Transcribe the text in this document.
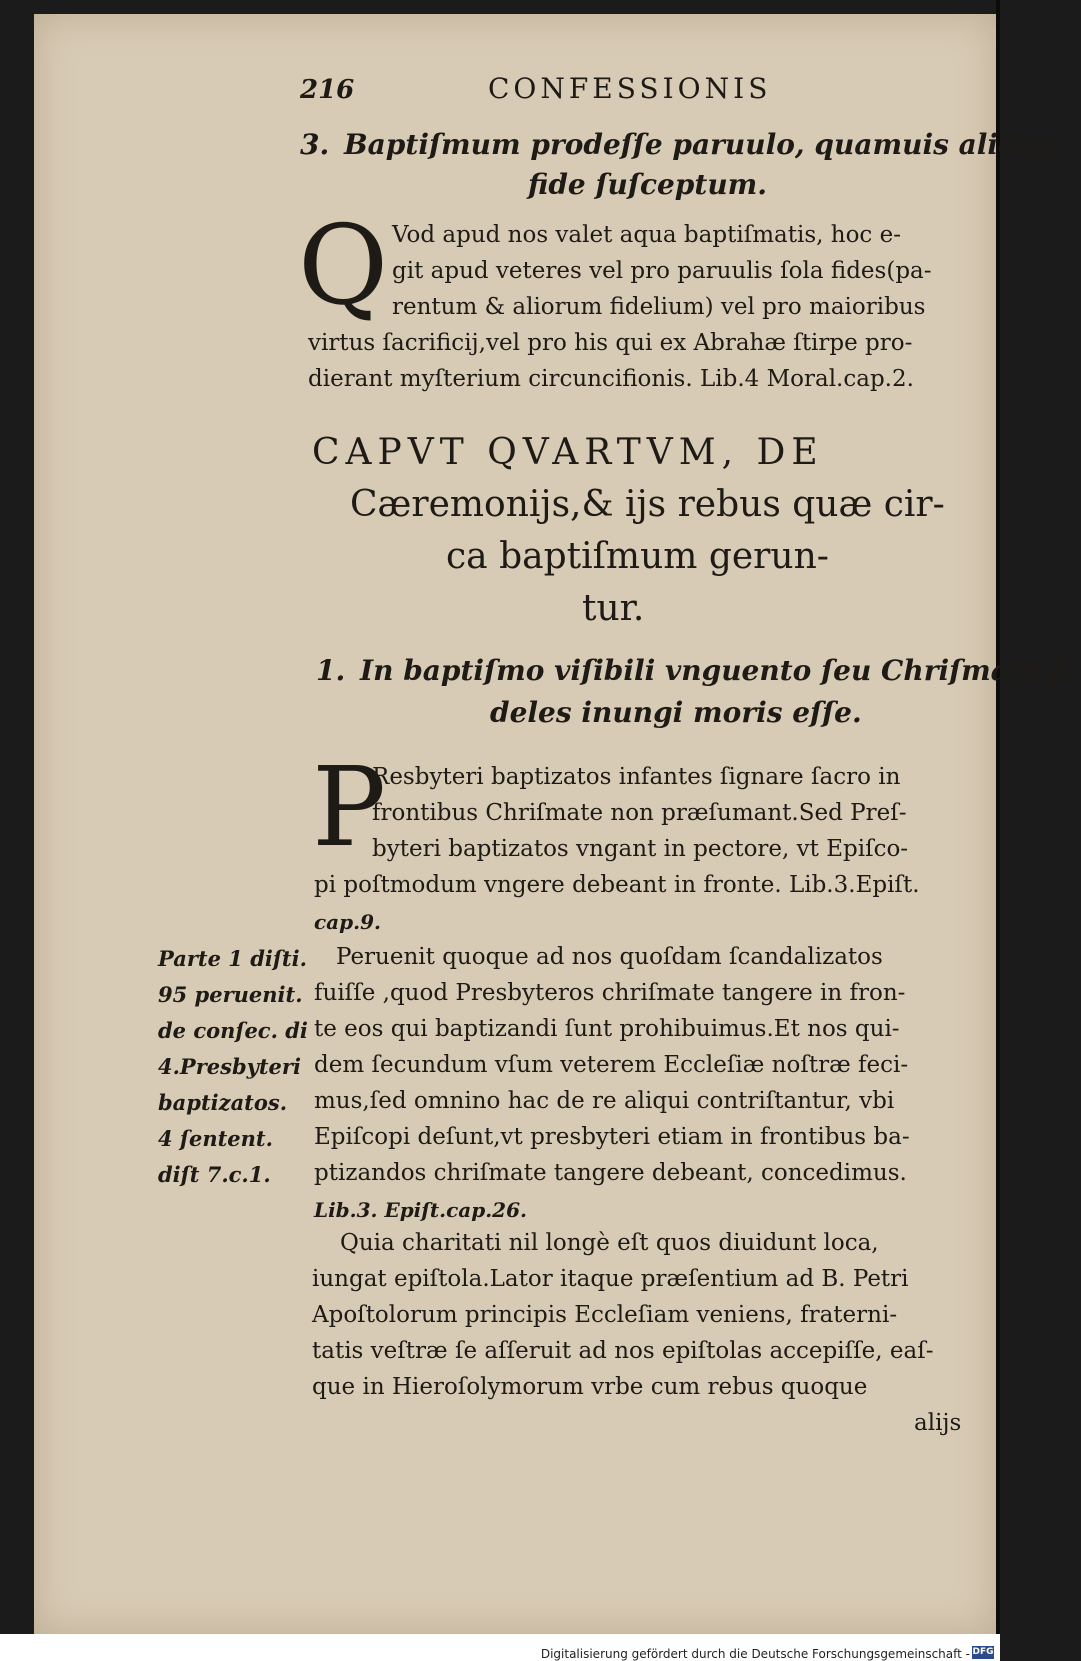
216	CONFESSIONIS
3. Baptiſmum prodeſſe paruulo, quamuis aliena
fide ſuſceptum.
Q Vod apud nos valet aqua baptiſmatis, hoc e-
git apud veteres vel pro paruulis ſola fides(pa-
rentum & aliorum fidelium) vel pro maioribus
virtus ſacrificij,vel pro his qui ex Abrahæ ſtirpe pro-
dierant myſterium circuncifionis. Lib.4 Moral.cap.2.
CAPVT QVARTVM, DE
Cæremonijs,& ijs rebus quæ cir-
ca baptiſmum gerun-
tur.
1. In baptiſmo viſibili vnguento ſeu Chriſmate fi-
deles inungi moris eſſe.
P
Resbyteri baptizatos infantes ſignare ſacro in
frontibus Chriſmate non præſumant.Sed Preſ-
byteri baptizatos vngant in pectore, vt Epiſco-
pi poſtmodum vngere debeant in fronte. Lib.3.Epiſt.
cap.9.
Parte 1 diſti.
95 peruenit.
de conſec. di
4.Presbyteri
baptizatos.
4 ſentent.
diſt 7.c.1.
Peruenit quoque ad nos quoſdam ſcandalizatos
fuiſſe ,quod Presbyteros chriſmate tangere in fron-
te eos qui baptizandi ſunt prohibuimus.Et nos qui-
dem ſecundum vſum veterem Eccleſiæ noſtræ feci-
mus,ſed omnino hac de re aliqui contriſtantur, vbi
Epiſcopi deſunt,vt presbyteri etiam in frontibus ba-
ptizandos chriſmate tangere debeant, concedimus.
Lib.3. Epiſt.cap.26.
Quia charitati nil longè eſt quos diuidunt loca,
iungat epiſtola.Lator itaque præſentium ad B. Petri
Apoſtolorum principis Eccleſiam veniens, fraterni-
tatis veſtræ ſe aſſeruit ad nos epiſtolas accepiſſe, eaſ-
que in Hieroſolymorum vrbe cum rebus quoque
alijs
Digitalisierung gefördert durch die Deutsche Forschungsgemeinschaft - DFG
